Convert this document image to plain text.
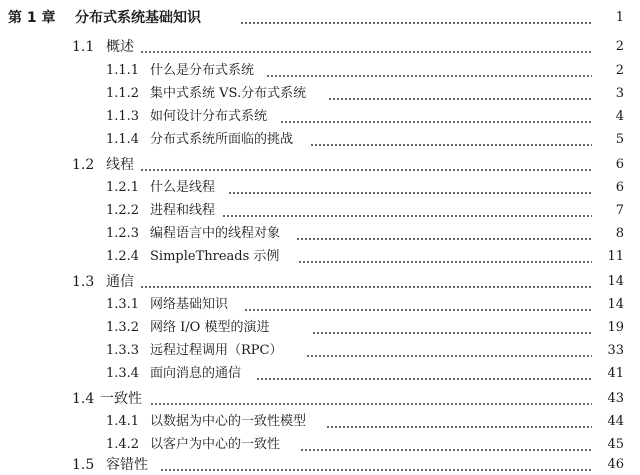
第 1 章 分布式系统基础知识	1
1.1 概述	2
1.1.1 什么是分布式系统	2
1.1.2 集中式系统 VS.分布式系统	3
1.1.3 如何设计分布式系统	4
1.1.4 分布式系统所面临的挑战	5
1.2 线程	6
1.2.1 什么是线程	6
1.2.2 进程和线程	7
1.2.3 编程语言中的线程对象	8
1.2.4 SimpleThreads 示例	11
1.3 通信	14
1.3.1 网络基础知识	14
1.3.2 网络 I/O 模型的演进	19
1.3.3 远程过程调用（RPC）	33
1.3.4 面向消息的通信	41
1.4 一致性	43
1.4.1 以数据为中心的一致性模型	44
1.4.2 以客户为中心的一致性	45
1.5 容错性	46
